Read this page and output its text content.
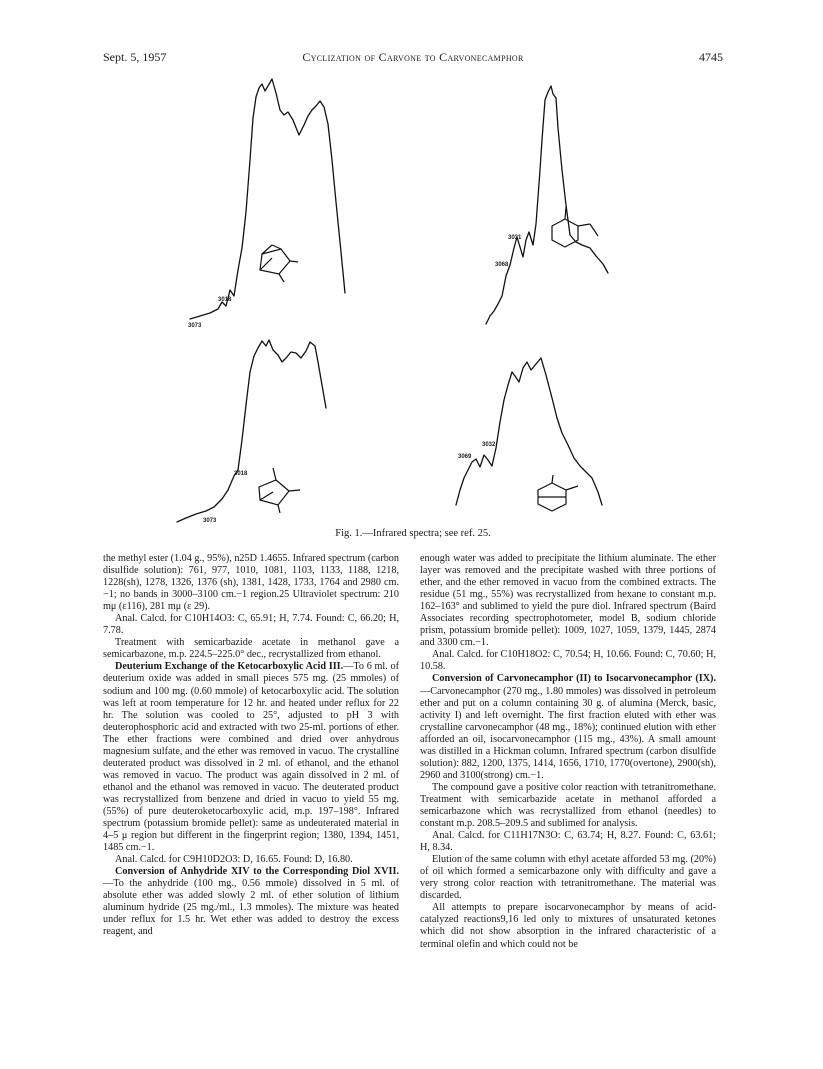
Sept. 5, 1957	Cyclization of Carvone to Carvonecamphor	4745
3018
3073
3031
3068
3018
3073
3032
3069
Fig. 1.—Infrared spectra; see ref. 25.

the methyl ester (1.04 g., 95%), n25D 1.4655. Infrared spectrum (carbon disulfide solution): 761, 977, 1010, 1081, 1103, 1133, 1188, 1218, 1228(sh), 1278, 1326, 1376 (sh), 1381, 1428, 1733, 1764 and 2980 cm.−1; no bands in 3000–3100 cm.−1 region.25 Ultraviolet spectrum: 210 mμ (ε116), 281 mμ (ε 29).

Anal. Calcd. for C10H14O3: C, 65.91; H, 7.74. Found: C, 66.20; H, 7.78.

Treatment with semicarbazide acetate in methanol gave a semicarbazone, m.p. 224.5–225.0° dec., recrystallized from ethanol.

Deuterium Exchange of the Ketocarboxylic Acid III.—To 6 ml. of deuterium oxide was added in small pieces 575 mg. (25 mmoles) of sodium and 100 mg. (0.60 mmole) of ketocarboxylic acid. The solution was left at room temperature for 12 hr. and heated under reflux for 22 hr. The solution was cooled to 25°, adjusted to pH 3 with deuterophosphoric acid and extracted with two 25-ml. portions of ether. The ether fractions were combined and dried over anhydrous magnesium sulfate, and the ether was removed in vacuo. The crystalline deuterated product was dissolved in 2 ml. of ethanol, and the ethanol was removed in vacuo. The product was again dissolved in 2 ml. of ethanol and the ethanol was removed in vacuo. The deuterated product was recrystallized from benzene and dried in vacuo to yield 55 mg. (55%) of pure deuteroketocarboxylic acid, m.p. 197–198°. Infrared spectrum (potassium bromide pellet): same as undeuterated material in 4–5 μ region but different in the fingerprint region; 1380, 1394, 1451, 1485 cm.−1.

Anal. Calcd. for C9H10D2O3: D, 16.65. Found: D, 16.80.

Conversion of Anhydride XIV to the Corresponding Diol XVII.—To the anhydride (100 mg., 0.56 mmole) dissolved in 5 ml. of absolute ether was added slowly 2 ml. of ether solution of lithium aluminum hydride (25 mg./ml., 1.3 mmoles). The mixture was heated under reflux for 1.5 hr. Wet ether was added to destroy the excess reagent, and

enough water was added to precipitate the lithium aluminate. The ether layer was removed and the precipitate washed with three portions of ether, and the ether removed in vacuo from the combined extracts. The residue (51 mg., 55%) was recrystallized from hexane to constant m.p. 162–163° and sublimed to yield the pure diol. Infrared spectrum (Baird Associates recording spectrophotometer, model B, sodium chloride prism, potassium bromide pellet): 1009, 1027, 1059, 1379, 1445, 2874 and 3300 cm.−1.

Anal. Calcd. for C10H18O2: C, 70.54; H, 10.66. Found: C, 70.60; H, 10.58.

Conversion of Carvonecamphor (II) to Isocarvonecamphor (IX).—Carvonecamphor (270 mg., 1.80 mmoles) was dissolved in petroleum ether and put on a column containing 30 g. of alumina (Merck, basic, activity I) and left overnight. The first fraction eluted with ether was crystalline carvonecamphor (48 mg., 18%); continued elution with ether afforded an oil, isocarvonecamphor (115 mg., 43%). A small amount was distilled in a Hickman column. Infrared spectrum (carbon disulfide solution): 882, 1200, 1375, 1414, 1656, 1710, 1770(overtone), 2900(sh), 2960 and 3100(strong) cm.−1.

The compound gave a positive color reaction with tetranitromethane. Treatment with semicarbazide acetate in methanol afforded a semicarbazone which was recrystallized from ethanol (needles) to constant m.p. 208.5–209.5 and sublimed for analysis.

Anal. Calcd. for C11H17N3O: C, 63.74; H, 8.27. Found: C, 63.61; H, 8.34.

Elution of the same column with ethyl acetate afforded 53 mg. (20%) of oil which formed a semicarbazone only with difficulty and gave a very strong color reaction with tetranitromethane. The material was discarded.

All attempts to prepare isocarvonecamphor by means of acid-catalyzed reactions9,16 led only to mixtures of unsaturated ketones which did not show absorption in the infrared characteristic of a terminal olefin and which could not be
